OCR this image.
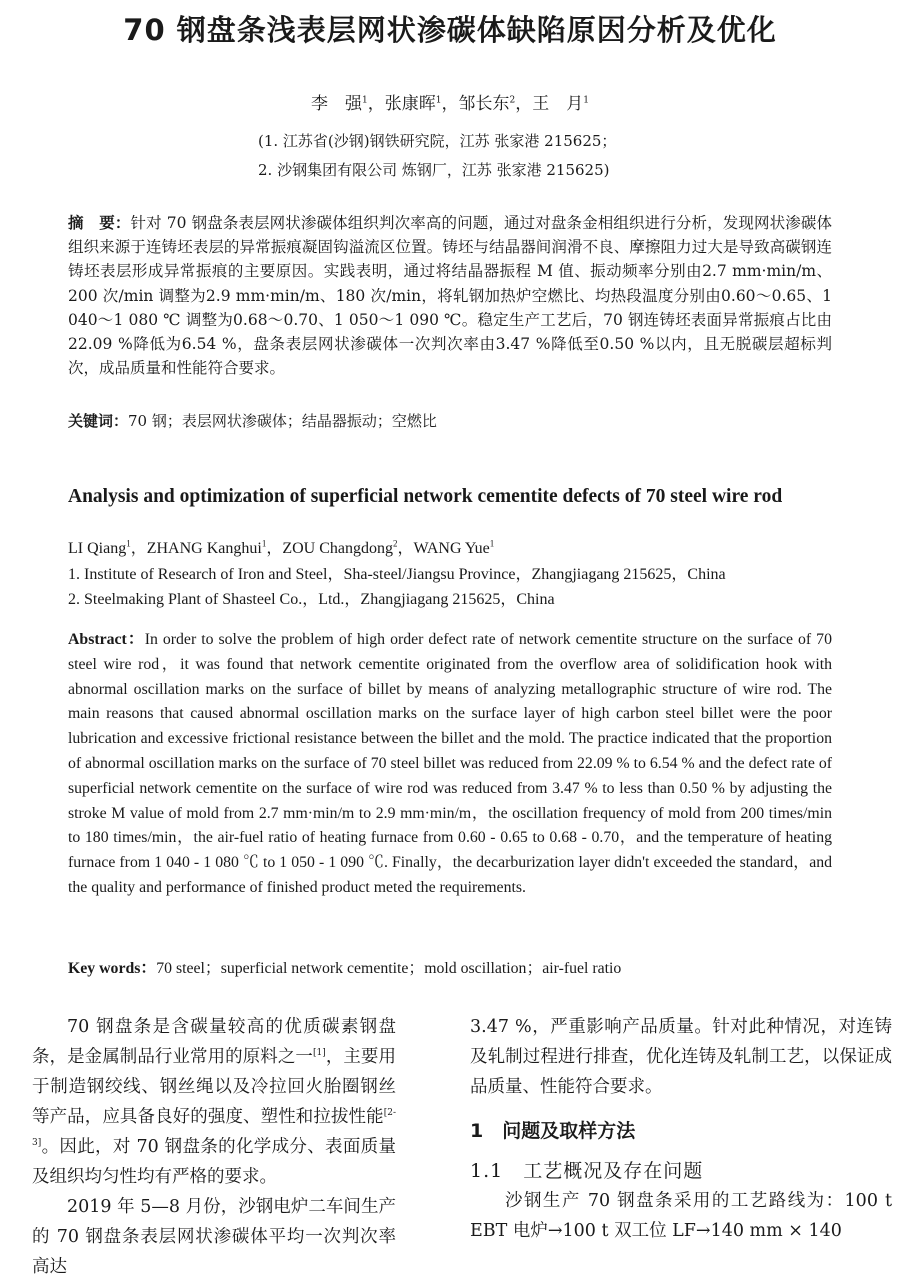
70 钢盘条浅表层网状渗碳体缺陷原因分析及优化
李　强$^1$，张康晖$^1$，邹长东$^2$，王　月$^1$
(1. 江苏省(沙钢)钢铁研究院，江苏 张家港 215625；
2. 沙钢集团有限公司 炼钢厂，江苏 张家港 215625)
摘　要：针对 70 钢盘条表层网状渗碳体组织判次率高的问题，通过对盘条金相组织进行分析，发现网状渗碳体组织来源于连铸坯表层的异常振痕凝固钩溢流区位置。铸坯与结晶器间润滑不良、摩擦阻力过大是导致高碳钢连铸坯表层形成异常振痕的主要原因。实践表明，通过将结晶器振程 M 值、振动频率分别由2.7 mm·min/m、200 次/min 调整为2.9 mm·min/m、180 次/min，将轧钢加热炉空燃比、均热段温度分别由0.60～0.65、1 040～1 080 ℃ 调整为0.68～0.70、1 050～1 090 ℃。稳定生产工艺后，70 钢连铸坯表面异常振痕占比由22.09 %降低为6.54 %，盘条表层网状渗碳体一次判次率由3.47 %降低至0.50 %以内，且无脱碳层超标判次，成品质量和性能符合要求。
关键词：70 钢；表层网状渗碳体；结晶器振动；空燃比
Analysis and optimization of superficial network cementite defects of 70 steel wire rod
LI Qiang$^1$，ZHANG Kanghui$^1$，ZOU Changdong$^2$，WANG Yue$^1$
1. Institute of Research of Iron and Steel，Sha-steel/Jiangsu Province，Zhangjiagang 215625，China
2. Steelmaking Plant of Shasteel Co.，Ltd.，Zhangjiagang 215625，China
Abstract：In order to solve the problem of high order defect rate of network cementite structure on the surface of 70 steel wire rod，it was found that network cementite originated from the overflow area of solidification hook with abnormal oscillation marks on the surface of billet by means of analyzing metallographic structure of wire rod. The main reasons that caused abnormal oscillation marks on the surface layer of high carbon steel billet were the poor lubrication and excessive frictional resistance between the billet and the mold. The practice indicated that the proportion of abnormal oscillation marks on the surface of 70 steel billet was reduced from 22.09 % to 6.54 % and the defect rate of superficial network cementite on the surface of wire rod was reduced from 3.47 % to less than 0.50 % by adjusting the stroke M value of mold from 2.7 mm·min/m to 2.9 mm·min/m，the oscillation frequency of mold from 200 times/min to 180 times/min，the air-fuel ratio of heating furnace from 0.60 - 0.65 to 0.68 - 0.70，and the temperature of heating furnace from 1 040 - 1 080 ℃ to 1 050 - 1 090 ℃. Finally，the decarburization layer didn't exceeded the standard，and the quality and performance of finished product meted the requirements.
Key words：70 steel；superficial network cementite；mold oscillation；air-fuel ratio

70 钢盘条是含碳量较高的优质碳素钢盘条，是金属制品行业常用的原料之一[1]，主要用于制造钢绞线、钢丝绳以及冷拉回火胎圈钢丝等产品，应具备良好的强度、塑性和拉拔性能[2-3]。因此，对 70 钢盘条的化学成分、表面质量及组织均匀性均有严格的要求。

2019 年 5—8 月份，沙钢电炉二车间生产的 70 钢盘条表层网状渗碳体平均一次判次率高达

3.47 %，严重影响产品质量。针对此种情况，对连铸及轧制过程进行排查，优化连铸及轧制工艺，以保证成品质量、性能符合要求。

1　问题及取样方法
1.1　工艺概况及存在问题

沙钢生产 70 钢盘条采用的工艺路线为：100 t EBT 电炉→100 t 双工位 LF→140 mm × 140
